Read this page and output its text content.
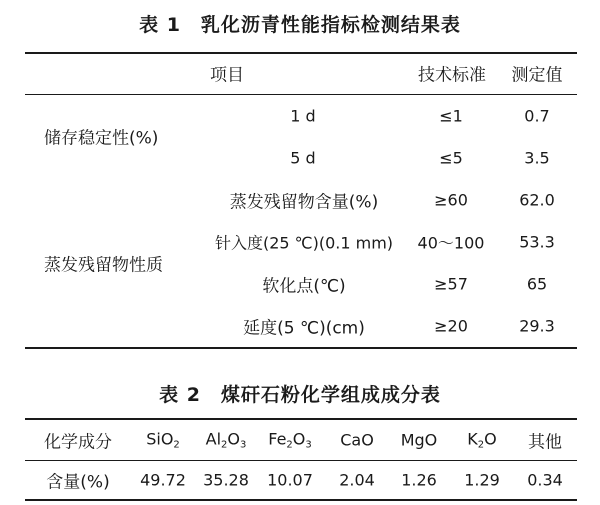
表 1　乳化沥青性能指标检测结果表
项目	技术标准 测定值
储存稳定性(%)
1 d	≤1	0.7
5 d	≤5	3.5
蒸发残留物性质
蒸发残留物含量(%)	≥60	62.0
针入度(25 ℃)(0.1 mm) 40～100 53.3
软化点(℃)	≥57	65
延度(5 ℃)(cm)	≥20	29.3
表 2　煤矸石粉化学组成成分表
化学成分 SiO$_2$ $Al_2O_3$ $Fe_2O_3$ CaO MgO $K_2O$ 其他
含量(%) 49.72 35.28 10.07 2.04 1.26 1.29 0.34
